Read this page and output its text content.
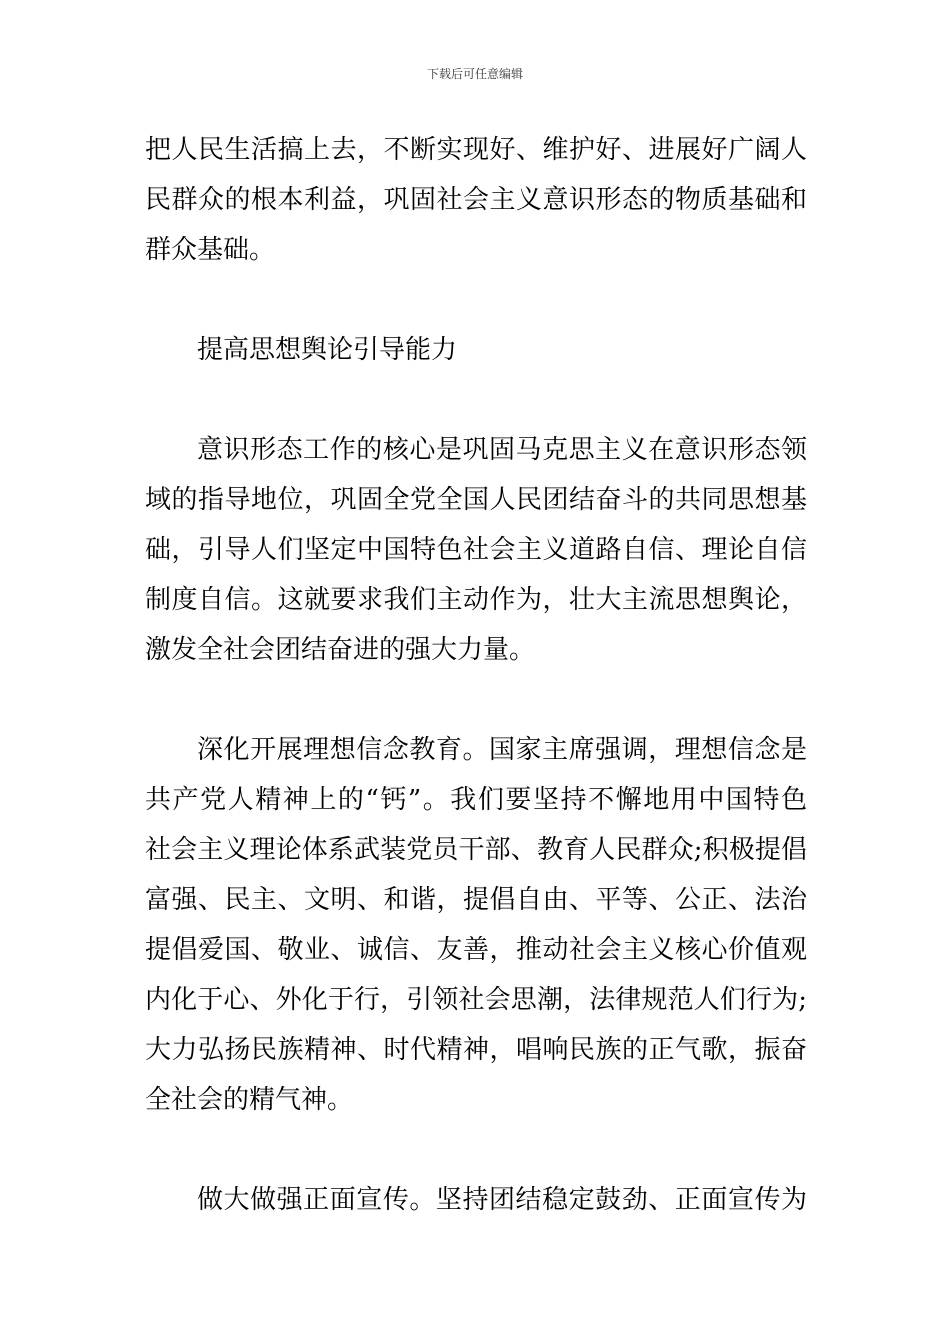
下载后可任意编辑
把人民生活搞上去，不断实现好、维护好、进展好广阔人
民群众的根本利益，巩固社会主义意识形态的物质基础和
群众基础。
提高思想舆论引导能力
意识形态工作的核心是巩固马克思主义在意识形态领
域的指导地位，巩固全党全国人民团结奋斗的共同思想基
础，引导人们坚定中国特色社会主义道路自信、理论自信
制度自信。这就要求我们主动作为，壮大主流思想舆论，
激发全社会团结奋进的强大力量。
深化开展理想信念教育。国家主席强调，理想信念是
共产党人精神上的“钙”。我们要坚持不懈地用中国特色
社会主义理论体系武装党员干部、教育人民群众;积极提倡
富强、民主、文明、和谐，提倡自由、平等、公正、法治
提倡爱国、敬业、诚信、友善，推动社会主义核心价值观
内化于心、外化于行，引领社会思潮，法律规范人们行为;
大力弘扬民族精神、时代精神，唱响民族的正气歌，振奋
全社会的精气神。
做大做强正面宣传。坚持团结稳定鼓劲、正面宣传为
